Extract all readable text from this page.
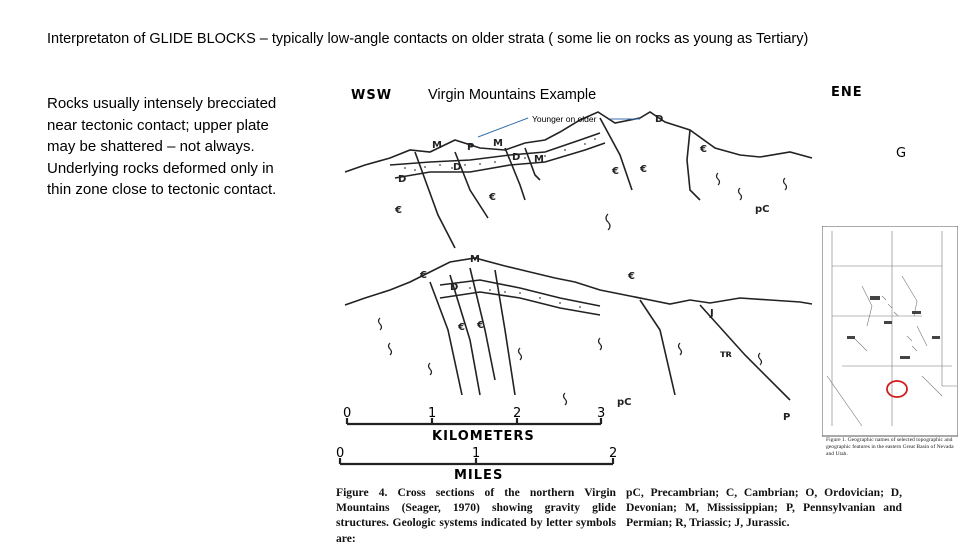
Interpretaton of GLIDE BLOCKS – typically low-angle contacts on older strata ( some lie on rocks as young as Tertiary)
Rocks usually intensely brecciated
near tectonic contact; upper plate
may be shattered – not always.
Underlying rocks deformed only in
thin zone close to tectonic contact.
M	P M
D
D M
€
D
€
D
€
€
€
pC
M
€
D
€ €
€
J
ᴛʀ
pC
P
Virgin Mountains Example
Younger on older
WSW	ENE
G
0	1	2	3
KILOMETERS
0	1	2
MILES
Figure 4. Cross sections of the northern Virgin Mountains (Seager, 1970) showing gravity glide structures. Geologic systems indicated by letter symbols are:
pC, Precambrian; C, Cambrian; O, Ordovician; D, Devonian; M, Mississippian; P, Pennsylvanian and Permian; R, Triassic; J, Jurassic.
Figure 1. Geographic names of selected topographic and geographic features in the eastern Great Basin of Nevada and Utah.
